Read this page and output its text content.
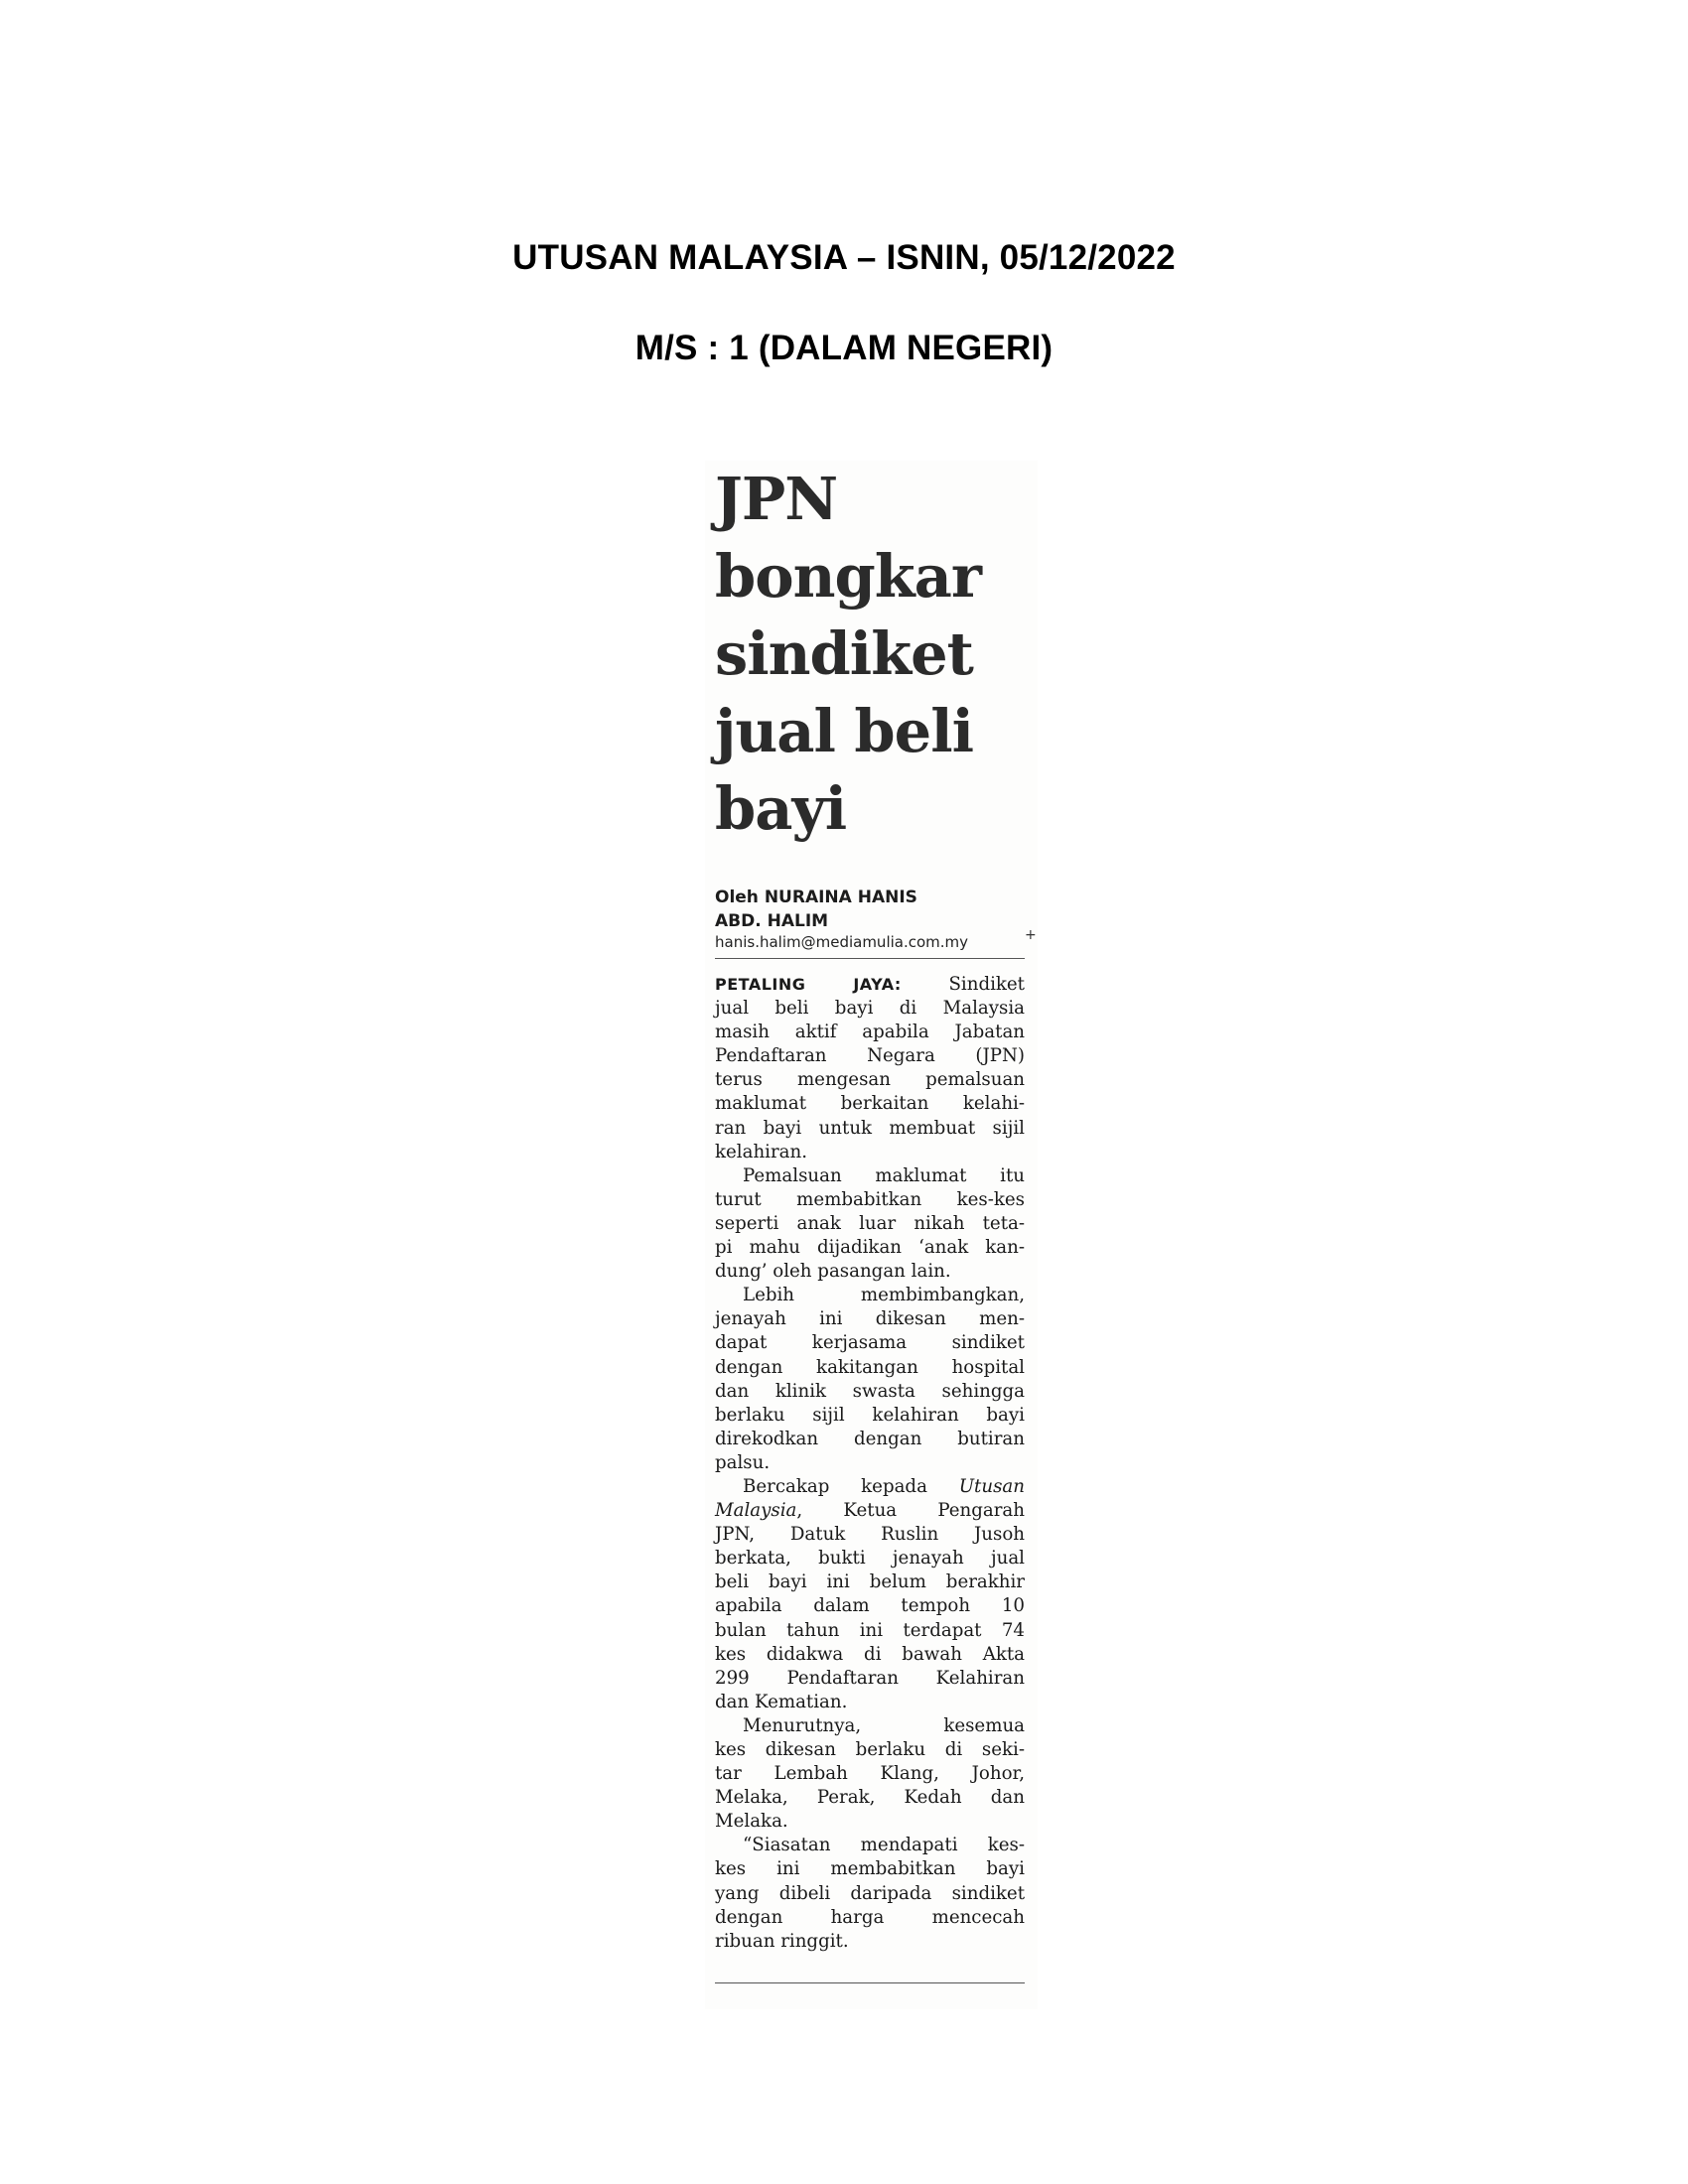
UTUSAN MALAYSIA – ISNIN, 05/12/2022
M/S : 1 (DALAM NEGERI)
JPN
bongkar
sindiket
jual beli
bayi
Oleh NURAINA HANIS
ABD. HALIM
hanis.halim@mediamulia.com.my	+
PETALING JAYA:	Sindiket
jual beli bayi di Malaysia
masih aktif apabila Jabatan
Pendaftaran Negara (JPN)
terus mengesan pemalsuan
maklumat berkaitan kelahi-
ran bayi untuk membuat sijil
kelahiran.
Pemalsuan maklumat itu
turut membabitkan kes-kes
seperti anak luar nikah teta-
pi mahu dijadikan ‘anak kan-
dung’ oleh pasangan lain.
Lebih membimbangkan,
jenayah ini dikesan men-
dapat kerjasama sindiket
dengan kakitangan hospital
dan klinik swasta sehingga
berlaku sijil kelahiran bayi
direkodkan dengan butiran
palsu.
Bercakap kepada Utusan
Malaysia, Ketua Pengarah
JPN, Datuk Ruslin Jusoh
berkata, bukti jenayah jual
beli bayi ini belum berakhir
apabila dalam tempoh 10
bulan tahun ini terdapat 74
kes didakwa di bawah Akta
299 Pendaftaran Kelahiran
dan Kematian.
Menurutnya, kesemua
kes dikesan berlaku di seki-
tar Lembah Klang, Johor,
Melaka, Perak, Kedah dan
Melaka.
“Siasatan mendapati kes-
kes ini membabitkan bayi
yang dibeli daripada sindiket
dengan harga mencecah
ribuan ringgit.
